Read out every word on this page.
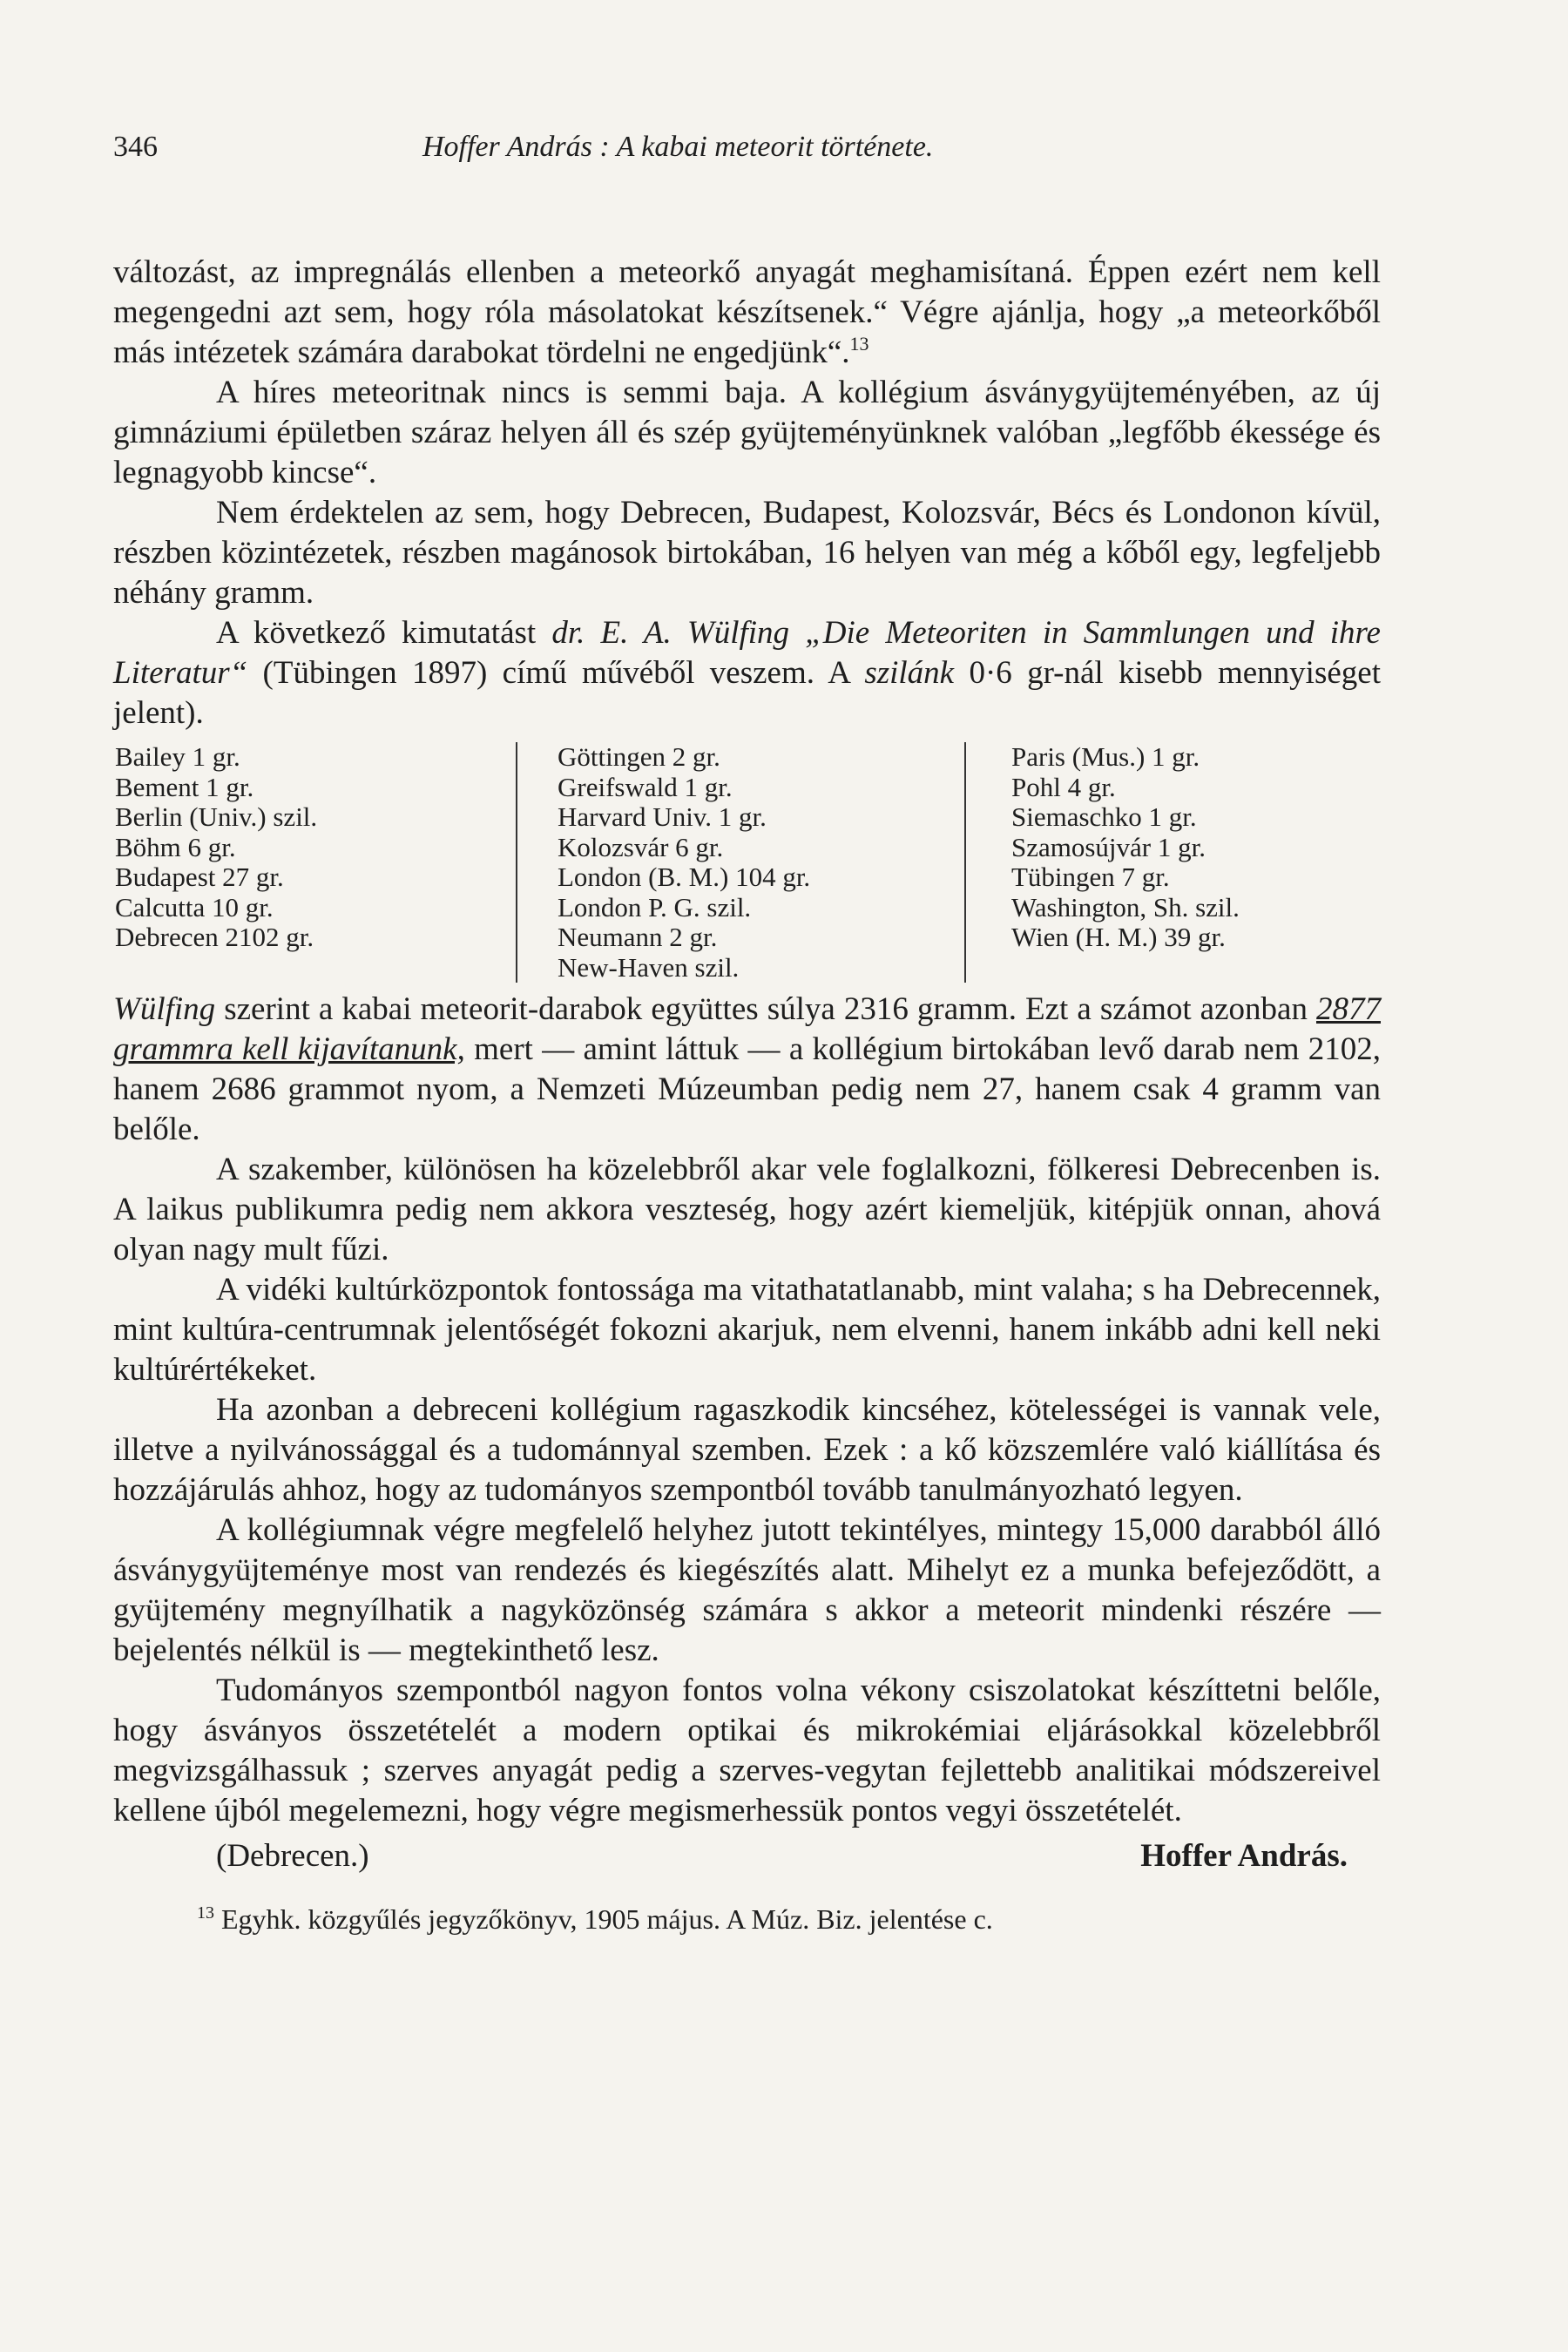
346	Hoffer András : A kabai meteorit története.

változást, az impregnálás ellenben a meteorkő anyagát meghamisítaná. Éppen ezért nem kell megengedni azt sem, hogy róla másolatokat készítsenek.“ Végre ajánlja, hogy „a meteorkőből más intézetek számára darabokat tördelni ne engedjünk“.$^{13}$

A híres meteoritnak nincs is semmi baja. A kollégium ásványgyüjteményében, az új gimnáziumi épületben száraz helyen áll és szép gyüjteményünknek valóban „legfőbb ékessége és legnagyobb kincse“.

Nem érdektelen az sem, hogy Debrecen, Budapest, Kolozsvár, Bécs és Londonon kívül, részben közintézetek, részben magánosok birtokában, 16 helyen van még a kőből egy, legfeljebb néhány gramm.

A következő kimutatást dr. E. A. Wülfing „Die Meteoriten in Sammlungen und ihre Literatur“ (Tübingen 1897) című művéből veszem. A szilánk 0·6 gr-nál kisebb mennyiséget jelent).

Bailey 1 gr.
Bement 1 gr.
Berlin (Univ.) szil.
Böhm 6 gr.
Budapest 27 gr.
Calcutta 10 gr.
Debrecen 2102 gr.
Göttingen 2 gr.
Greifswald 1 gr.
Harvard Univ. 1 gr.
Kolozsvár 6 gr.
London (B. M.) 104 gr.
London P. G. szil.
Neumann 2 gr.
New-Haven szil.
Paris (Mus.) 1 gr.
Pohl 4 gr.
Siemaschko 1 gr.
Szamosújvár 1 gr.
Tübingen 7 gr.
Washington, Sh. szil.
Wien (H. M.) 39 gr.

Wülfing szerint a kabai meteorit-darabok együttes súlya 2316 gramm. Ezt a számot azonban 2877 grammra kell kijavítanunk, mert — amint láttuk — a kollégium birtokában levő darab nem 2102, hanem 2686 grammot nyom, a Nemzeti Múzeumban pedig nem 27, hanem csak 4 gramm van belőle.

A szakember, különösen ha közelebbről akar vele foglalkozni, fölkeresi Debrecenben is. A laikus publikumra pedig nem akkora veszteség, hogy azért kiemeljük, kitépjük onnan, ahová olyan nagy mult fűzi.

A vidéki kultúrközpontok fontossága ma vitathatatlanabb, mint valaha; s ha Debrecennek, mint kultúra-centrumnak jelentőségét fokozni akarjuk, nem elvenni, hanem inkább adni kell neki kultúrértékeket.

Ha azonban a debreceni kollégium ragaszkodik kincséhez, kötelességei is vannak vele, illetve a nyilvánossággal és a tudománnyal szemben. Ezek : a kő közszemlére való kiállítása és hozzájárulás ahhoz, hogy az tudományos szempontból tovább tanulmányozható legyen.

A kollégiumnak végre megfelelő helyhez jutott tekintélyes, mintegy 15,000 darabból álló ásványgyüjteménye most van rendezés és kiegészítés alatt. Mihelyt ez a munka befejeződött, a gyüjtemény megnyílhatik a nagyközönség számára s akkor a meteorit mindenki részére — bejelentés nélkül is — megtekinthető lesz.

Tudományos szempontból nagyon fontos volna vékony csiszolatokat készíttetni belőle, hogy ásványos összetételét a modern optikai és mikrokémiai eljárásokkal közelebbről megvizsgálhassuk ; szerves anyagát pedig a szerves-vegytan fejlettebb analitikai módszereivel kellene újból megelemezni, hogy végre megismerhessük pontos vegyi összetételét.

(Debrecen.)	Hoffer András.
$^{13}$ Egyhk. közgyűlés jegyzőkönyv, 1905 május. A Múz. Biz. jelentése c.
